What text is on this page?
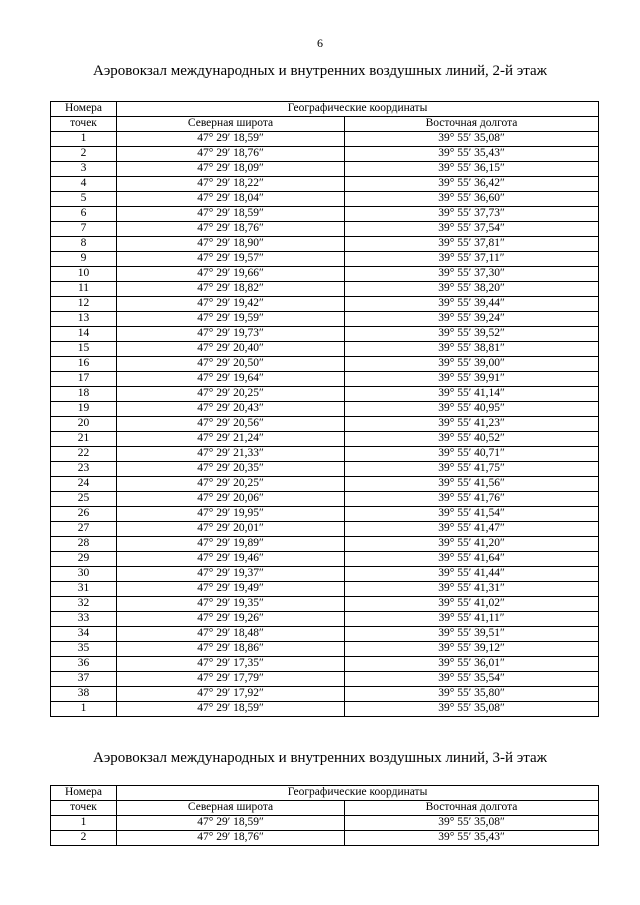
6
Аэровокзал международных и внутренних воздушных линий, 2-й этаж
Номера	Географические координаты	
точек	Северная широта	Восточная долгота
1	47° 29′ 18,59″	39° 55′ 35,08″
2	47° 29′ 18,76″	39° 55′ 35,43″
3	47° 29′ 18,09″	39° 55′ 36,15″
4	47° 29′ 18,22″	39° 55′ 36,42″
5	47° 29′ 18,04″	39° 55′ 36,60″
6	47° 29′ 18,59″	39° 55′ 37,73″
7	47° 29′ 18,76″	39° 55′ 37,54″
8	47° 29′ 18,90″	39° 55′ 37,81″
9	47° 29′ 19,57″	39° 55′ 37,11″
10	47° 29′ 19,66″	39° 55′ 37,30″
11	47° 29′ 18,82″	39° 55′ 38,20″
12	47° 29′ 19,42″	39° 55′ 39,44″
13	47° 29′ 19,59″	39° 55′ 39,24″
14	47° 29′ 19,73″	39° 55′ 39,52″
15	47° 29′ 20,40″	39° 55′ 38,81″
16	47° 29′ 20,50″	39° 55′ 39,00″
17	47° 29′ 19,64″	39° 55′ 39,91″
18	47° 29′ 20,25″	39° 55′ 41,14″
19	47° 29′ 20,43″	39° 55′ 40,95″
20	47° 29′ 20,56″	39° 55′ 41,23″
21	47° 29′ 21,24″	39° 55′ 40,52″
22	47° 29′ 21,33″	39° 55′ 40,71″
23	47° 29′ 20,35″	39° 55′ 41,75″
24	47° 29′ 20,25″	39° 55′ 41,56″
25	47° 29′ 20,06″	39° 55′ 41,76″
26	47° 29′ 19,95″	39° 55′ 41,54″
27	47° 29′ 20,01″	39° 55′ 41,47″
28	47° 29′ 19,89″	39° 55′ 41,20″
29	47° 29′ 19,46″	39° 55′ 41,64″
30	47° 29′ 19,37″	39° 55′ 41,44″
31	47° 29′ 19,49″	39° 55′ 41,31″
32	47° 29′ 19,35″	39° 55′ 41,02″
33	47° 29′ 19,26″	39° 55′ 41,11″
34	47° 29′ 18,48″	39° 55′ 39,51″
35	47° 29′ 18,86″	39° 55′ 39,12″
36	47° 29′ 17,35″	39° 55′ 36,01″
37	47° 29′ 17,79″	39° 55′ 35,54″
38	47° 29′ 17,92″	39° 55′ 35,80″
1	47° 29′ 18,59″	39° 55′ 35,08″
Аэровокзал международных и внутренних воздушных линий, 3-й этаж
Номера	Географические координаты	
точек	Северная широта	Восточная долгота
1	47° 29′ 18,59″	39° 55′ 35,08″
2	47° 29′ 18,76″	39° 55′ 35,43″
